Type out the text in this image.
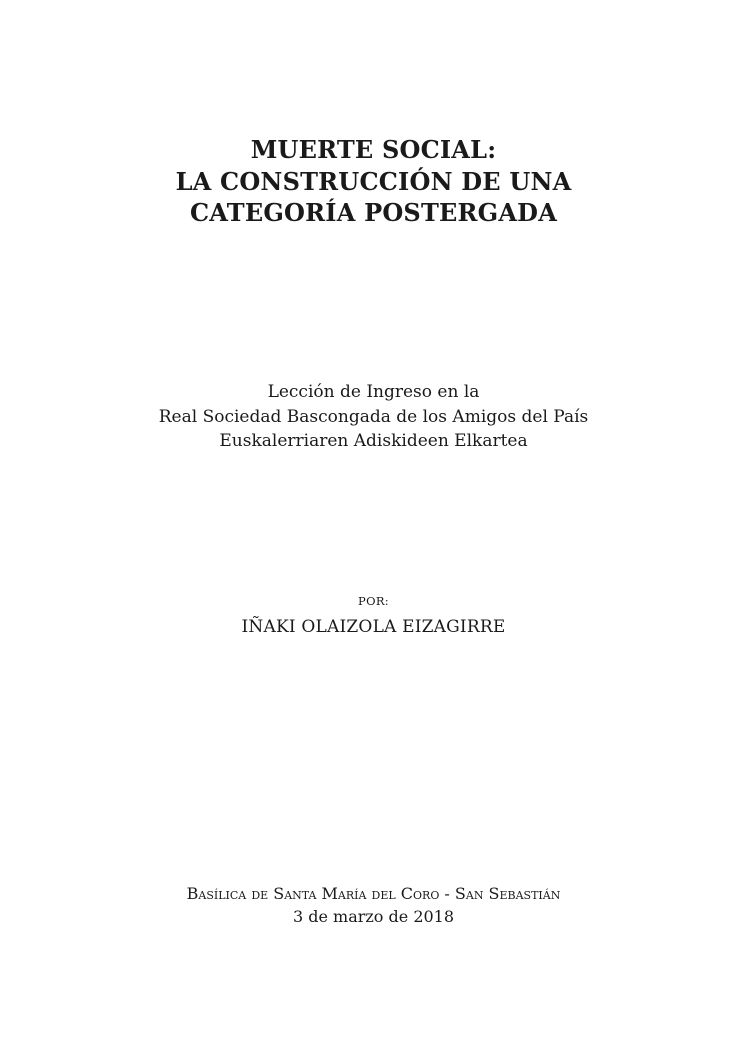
MUERTE SOCIAL:
LA CONSTRUCCIÓN DE UNA
CATEGORÍA POSTERGADA
Lección de Ingreso en la
Real Sociedad Bascongada de los Amigos del País
Euskalerriaren Adiskideen Elkartea
POR:
IÑAKI OLAIZOLA EIZAGIRRE
Basílica de Santa María del Coro - San Sebastián
3 de marzo de 2018
